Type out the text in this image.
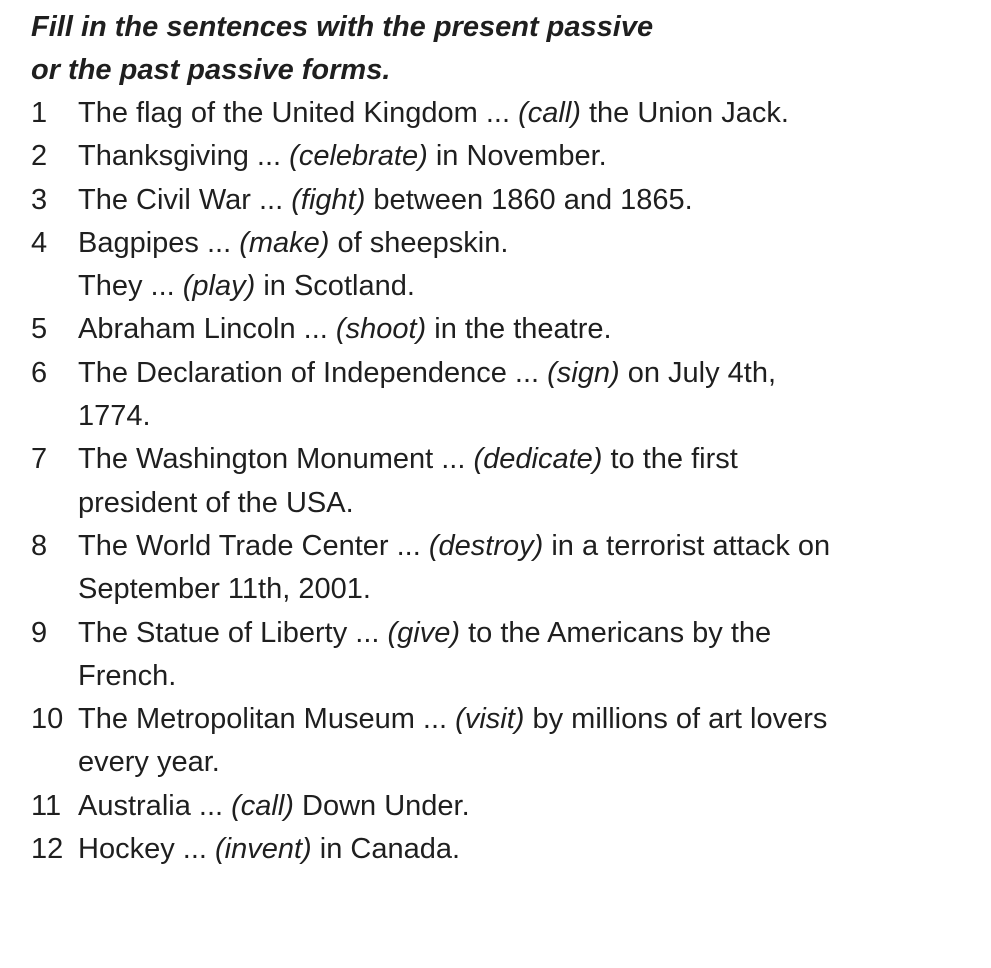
Fill in the sentences with the present passive
or the past passive forms.
1	The flag of the United Kingdom ... (call) the Union Jack.
2	Thanksgiving ... (celebrate) in November.
3	The Civil War ... (fight) between 1860 and 1865.
4	Bagpipes ... (make) of sheepskin.
They ... (play) in Scotland.
5	Abraham Lincoln ... (shoot) in the theatre.
6	The Declaration of Independence ... (sign) on July 4th,
1774.
7	The Washington Monument ... (dedicate) to the first
president of the USA.
8	The World Trade Center ... (destroy) in a terrorist attack on
September 11th, 2001.
9	The Statue of Liberty ... (give) to the Americans by the
French.
10 The Metropolitan Museum ... (visit) by millions of art lovers
every year.
11 Australia ... (call) Down Under.
12 Hockey ... (invent) in Canada.
